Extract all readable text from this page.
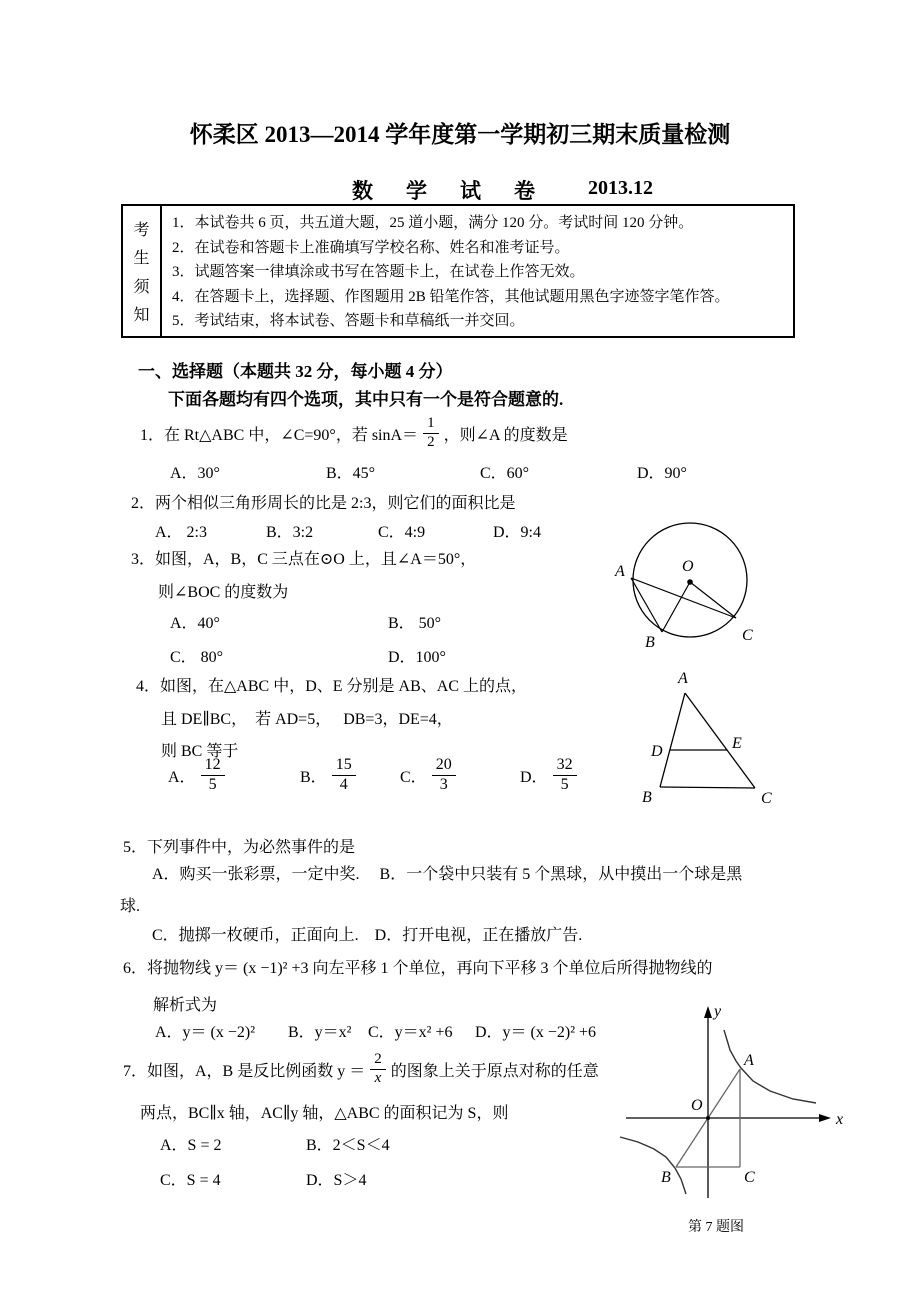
怀柔区 2013—2014 学年度第一学期初三期末质量检测
数　学　试　卷 2013.12
考
生
须
知
1．本试卷共 6 页，共五道大题，25 道小题，满分 120 分。考试时间 120 分钟。
2．在试卷和答题卡上准确填写学校名称、姓名和准考证号。
3．试题答案一律填涂或书写在答题卡上，在试卷上作答无效。
4．在答题卡上，选择题、作图题用 2B 铅笔作答，其他试题用黑色字迹签字笔作答。
5．考试结束，将本试卷、答题卡和草稿纸一并交回。
一、选择题（本题共 32 分，每小题 4 分）
下面各题均有四个选项，其中只有一个是符合题意的.
1．在 Rt△ABC 中，∠C=90°，若 $\sin A= \frac{1}{2}$ ，则∠A 的度数是
A．30°	B．45°	C．60°	D．90°
2．两个相似三角形周长的比是 2:3，则它们的面积比是
A． 2:3	B．3:2	C．4:9	D．9:4
3．如图，A，B，C 三点在⊙O 上，且∠A＝50°，
则∠BOC 的度数为
A．40°	B． 50°
C． 80°	D．100°
A	O
B	C
4．如图，在△ABC 中，D、E 分别是 AB、AC 上的点，
且 DE∥BC，　若 AD=5，　 DB=3，DE=4，
则 BC 等于
A． $\frac{12}{5}$	B． $\frac{15}{4}$	C． $\frac{20}{3}$	D． $\frac{32}{5}$
A
D	E
B	C
5．下列事件中，为必然事件的是
A．购买一张彩票，一定中奖.　 B．一个袋中只装有 5 个黑球，从中摸出一个球是黑
球.
C．抛掷一枚硬币，正面向上.　D．打开电视，正在播放广告.
6．将抛物线 y＝ (x −1)² +3 向左平移 1 个单位，再向下平移 3 个单位后所得抛物线的
解析式为
A．y＝ (x −2)² B．y＝x² C．y＝x² +6 D．y＝ (x −2)² +6
7．如图，A，B 是反比例函数 $y = \frac{2}{x}$ 的图象上关于原点对称的任意
两点，BC∥x 轴，AC∥y 轴，△ABC 的面积记为 S，则
A．S = 2	B．2＜S＜4
C．S = 4	D．S＞4
y
x
O
A
B	C
第 7 题图
